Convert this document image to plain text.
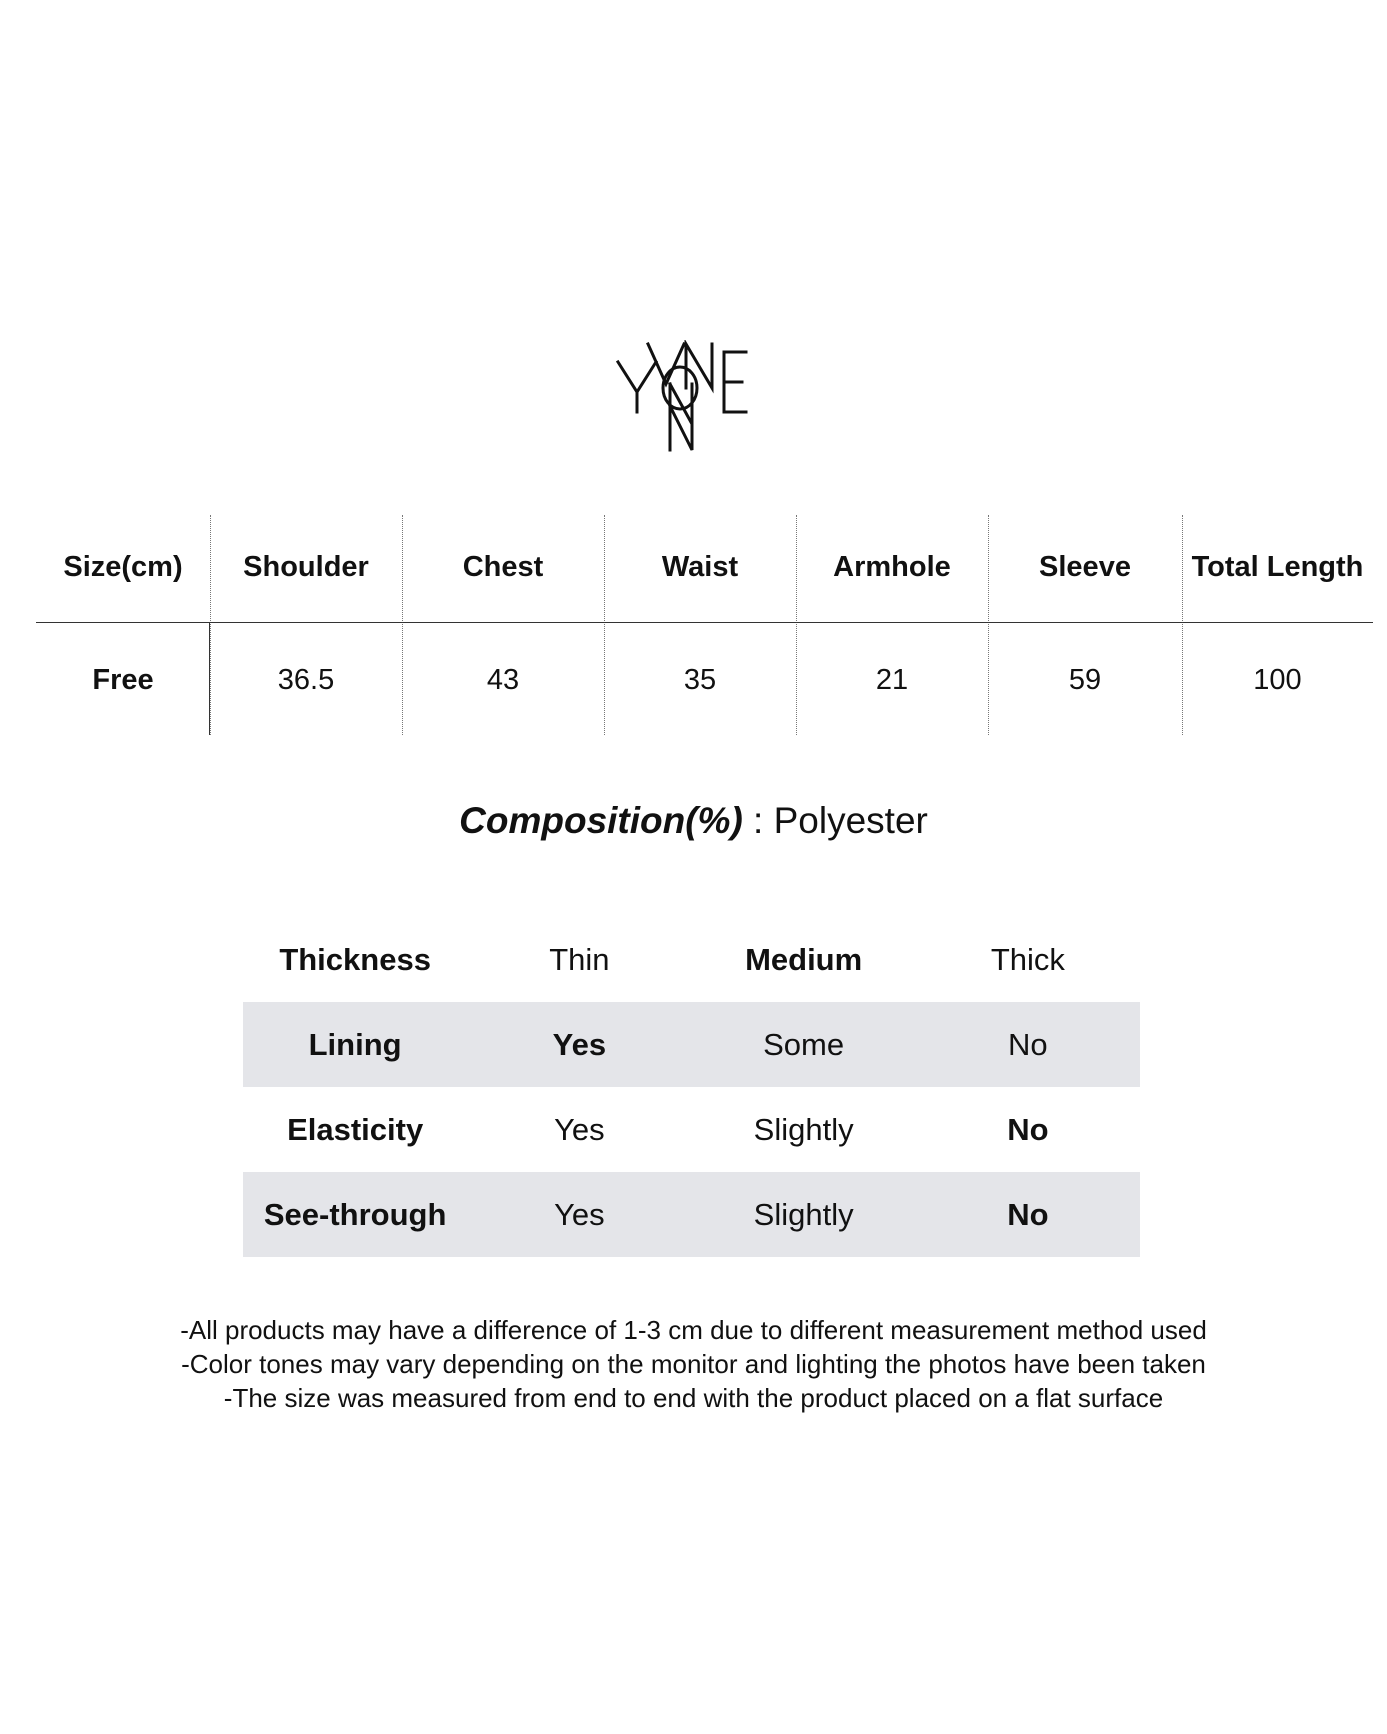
Size(cm)	Shoulder	Chest	Waist	Armhole	Sleeve	Total Length
Free	36.5	43	35	21	59	100
Composition(%) : Polyester
Thickness	Thin	Medium	Thick
Lining	Yes	Some	No
Elasticity	Yes	Slightly	No
See-through	Yes	Slightly	No
-All products may have a difference of 1-3 cm due to different measurement method used
-Color tones may vary depending on the monitor and lighting the photos have been taken
-The size was measured from end to end with the product placed on a flat surface
